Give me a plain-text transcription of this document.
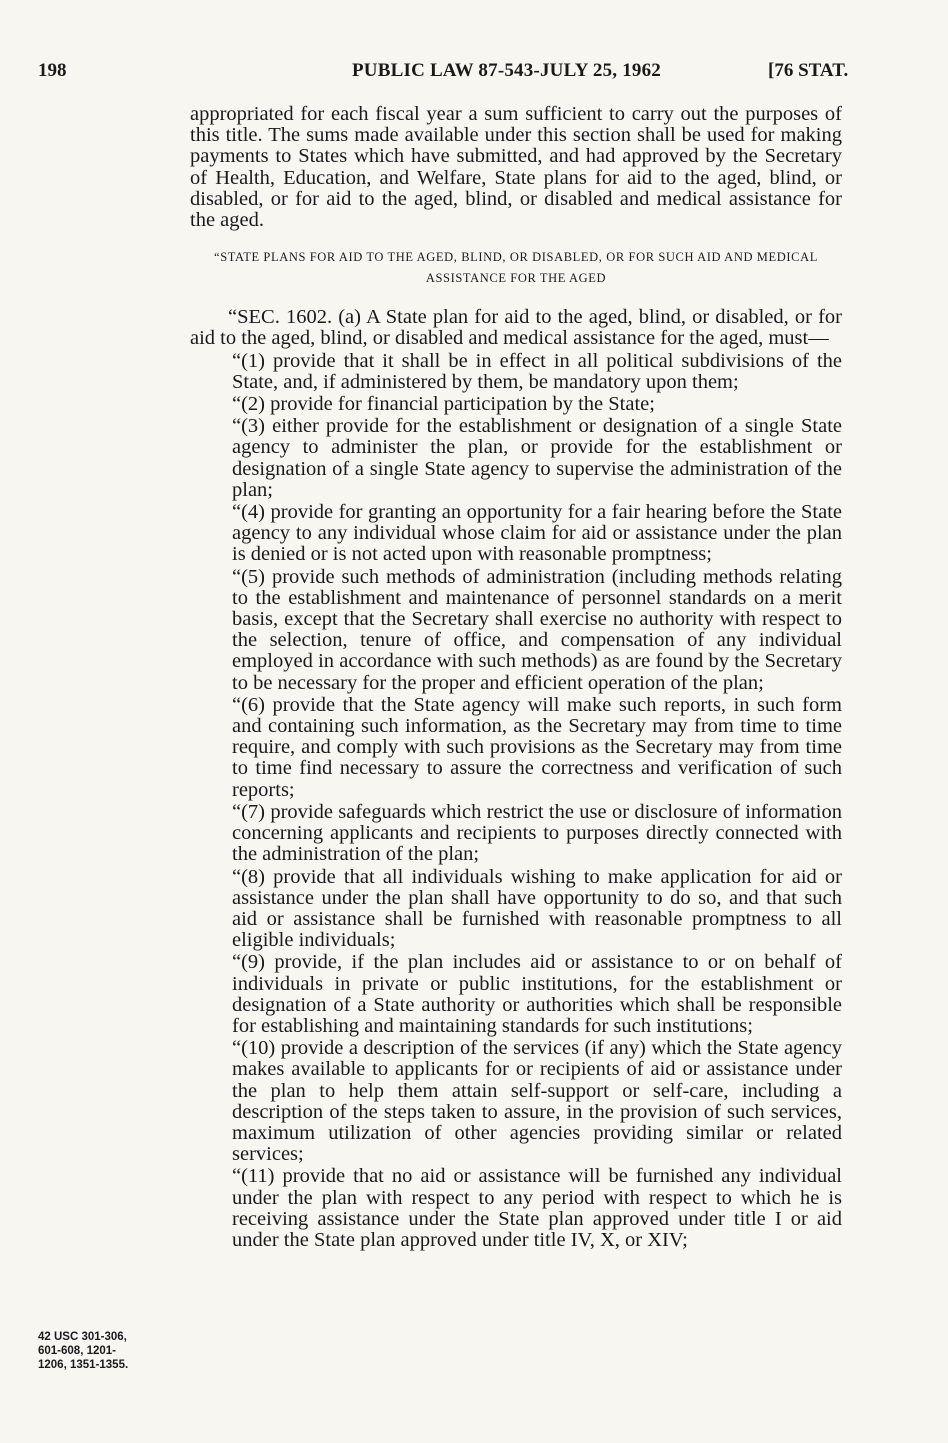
198	PUBLIC LAW 87-543-JULY 25, 1962	[76 STAT.

appropriated for each fiscal year a sum sufficient to carry out the purposes of this title. The sums made available under this section shall be used for making payments to States which have submitted, and had approved by the Secretary of Health, Education, and Welfare, State plans for aid to the aged, blind, or disabled, or for aid to the aged, blind, or disabled and medical assistance for the aged.

“STATE PLANS FOR AID TO THE AGED, BLIND, OR DISABLED, OR FOR SUCH AID AND MEDICAL ASSISTANCE FOR THE AGED

“SEC. 1602. (a) A State plan for aid to the aged, blind, or disabled, or for aid to the aged, blind, or disabled and medical assistance for the aged, must—

“(1) provide that it shall be in effect in all political subdivisions of the State, and, if administered by them, be mandatory upon them;

“(2) provide for financial participation by the State;

“(3) either provide for the establishment or designation of a single State agency to administer the plan, or provide for the establishment or designation of a single State agency to supervise the administration of the plan;

“(4) provide for granting an opportunity for a fair hearing before the State agency to any individual whose claim for aid or assistance under the plan is denied or is not acted upon with reasonable promptness;

“(5) provide such methods of administration (including methods relating to the establishment and maintenance of personnel standards on a merit basis, except that the Secretary shall exercise no authority with respect to the selection, tenure of office, and compensation of any individual employed in accordance with such methods) as are found by the Secretary to be necessary for the proper and efficient operation of the plan;

“(6) provide that the State agency will make such reports, in such form and containing such information, as the Secretary may from time to time require, and comply with such provisions as the Secretary may from time to time find necessary to assure the correctness and verification of such reports;

“(7) provide safeguards which restrict the use or disclosure of information concerning applicants and recipients to purposes directly connected with the administration of the plan;

“(8) provide that all individuals wishing to make application for aid or assistance under the plan shall have opportunity to do so, and that such aid or assistance shall be furnished with reasonable promptness to all eligible individuals;

“(9) provide, if the plan includes aid or assistance to or on behalf of individuals in private or public institutions, for the establishment or designation of a State authority or authorities which shall be responsible for establishing and maintaining standards for such institutions;

“(10) provide a description of the services (if any) which the State agency makes available to applicants for or recipients of aid or assistance under the plan to help them attain self-support or self-care, including a description of the steps taken to assure, in the provision of such services, maximum utilization of other agencies providing similar or related services;

“(11) provide that no aid or assistance will be furnished any individual under the plan with respect to any period with respect to which he is receiving assistance under the State plan approved under title I or aid under the State plan approved under title IV, X, or XIV;

42 USC 301-306,
601-608, 1201-
1206, 1351-1355.
